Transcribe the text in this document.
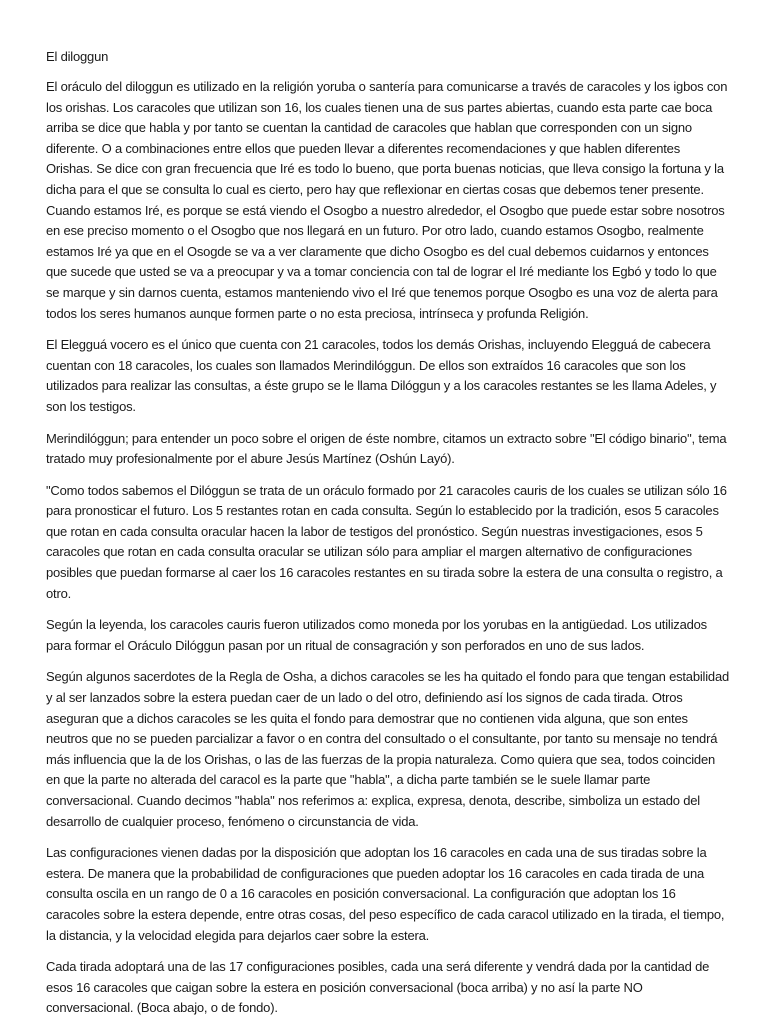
El diloggun

El oráculo del diloggun es utilizado en la religión yoruba o santería para comunicarse a través de caracoles y los igbos con los orishas. Los caracoles que utilizan son 16, los cuales tienen una de sus partes abiertas, cuando esta parte cae boca arriba se dice que habla y por tanto se cuentan la cantidad de caracoles que hablan que corresponden con un signo diferente. O a combinaciones entre ellos que pueden llevar a diferentes recomendaciones y que hablen diferentes Orishas. Se dice con gran frecuencia que Iré es todo lo bueno, que porta buenas noticias, que lleva consigo la fortuna y la dicha para el que se consulta lo cual es cierto, pero hay que reflexionar en ciertas cosas que debemos tener presente. Cuando estamos Iré, es porque se está viendo el Osogbo a nuestro alrededor, el Osogbo que puede estar sobre nosotros en ese preciso momento o el Osogbo que nos llegará en un futuro. Por otro lado, cuando estamos Osogbo, realmente estamos Iré ya que en el Osogde se va a ver claramente que dicho Osogbo es del cual debemos cuidarnos y entonces que sucede que usted se va a preocupar y va a tomar conciencia con tal de lograr el Iré mediante los Egbó y todo lo que se marque y sin darnos cuenta, estamos manteniendo vivo el Iré que tenemos porque Osogbo es una voz de alerta para todos los seres humanos aunque formen parte o no esta preciosa, intrínseca y profunda Religión.

El Elegguá vocero es el único que cuenta con 21 caracoles, todos los demás Orishas, incluyendo Elegguá de cabecera cuentan con 18 caracoles, los cuales son llamados Merindilóggun. De ellos son extraídos 16 caracoles que son los utilizados para realizar las consultas, a éste grupo se le llama Dilóggun y a los caracoles restantes se les llama Adeles, y son los testigos.

Merindilóggun; para entender un poco sobre el origen de éste nombre, citamos un extracto sobre "El código binario", tema tratado muy profesionalmente por el abure Jesús Martínez (Oshún Layó).

"Como todos sabemos el Dilóggun se trata de un oráculo formado por 21 caracoles cauris de los cuales se utilizan sólo 16 para pronosticar el futuro. Los 5 restantes rotan en cada consulta. Según lo establecido por la tradición, esos 5 caracoles que rotan en cada consulta oracular hacen la labor de testigos del pronóstico. Según nuestras investigaciones, esos 5 caracoles que rotan en cada consulta oracular se utilizan sólo para ampliar el margen alternativo de configuraciones posibles que puedan formarse al caer los 16 caracoles restantes en su tirada sobre la estera de una consulta o registro, a otro.

Según la leyenda, los caracoles cauris fueron utilizados como moneda por los yorubas en la antigüedad. Los utilizados para formar el Oráculo Dilóggun pasan por un ritual de consagración y son perforados en uno de sus lados.

Según algunos sacerdotes de la Regla de Osha, a dichos caracoles se les ha quitado el fondo para que tengan estabilidad y al ser lanzados sobre la estera puedan caer de un lado o del otro, definiendo así los signos de cada tirada. Otros aseguran que a dichos caracoles se les quita el fondo para demostrar que no contienen vida alguna, que son entes neutros que no se pueden parcializar a favor o en contra del consultado o el consultante, por tanto su mensaje no tendrá más influencia que la de los Orishas, o las de las fuerzas de la propia naturaleza. Como quiera que sea, todos coinciden en que la parte no alterada del caracol es la parte que "habla", a dicha parte también se le suele llamar parte conversacional. Cuando decimos "habla" nos referimos a: explica, expresa, denota, describe, simboliza un estado del desarrollo de cualquier proceso, fenómeno o circunstancia de vida.

Las configuraciones vienen dadas por la disposición que adoptan los 16 caracoles en cada una de sus tiradas sobre la estera. De manera que la probabilidad de configuraciones que pueden adoptar los 16 caracoles en cada tirada de una consulta oscila en un rango de 0 a 16 caracoles en posición conversacional. La configuración que adoptan los 16 caracoles sobre la estera depende, entre otras cosas, del peso específico de cada caracol utilizado en la tirada, el tiempo, la distancia, y la velocidad elegida para dejarlos caer sobre la estera.

Cada tirada adoptará una de las 17 configuraciones posibles, cada una será diferente y vendrá dada por la cantidad de esos 16 caracoles que caigan sobre la estera en posición conversacional (boca arriba) y no así la parte NO conversacional. (Boca abajo, o de fondo).
